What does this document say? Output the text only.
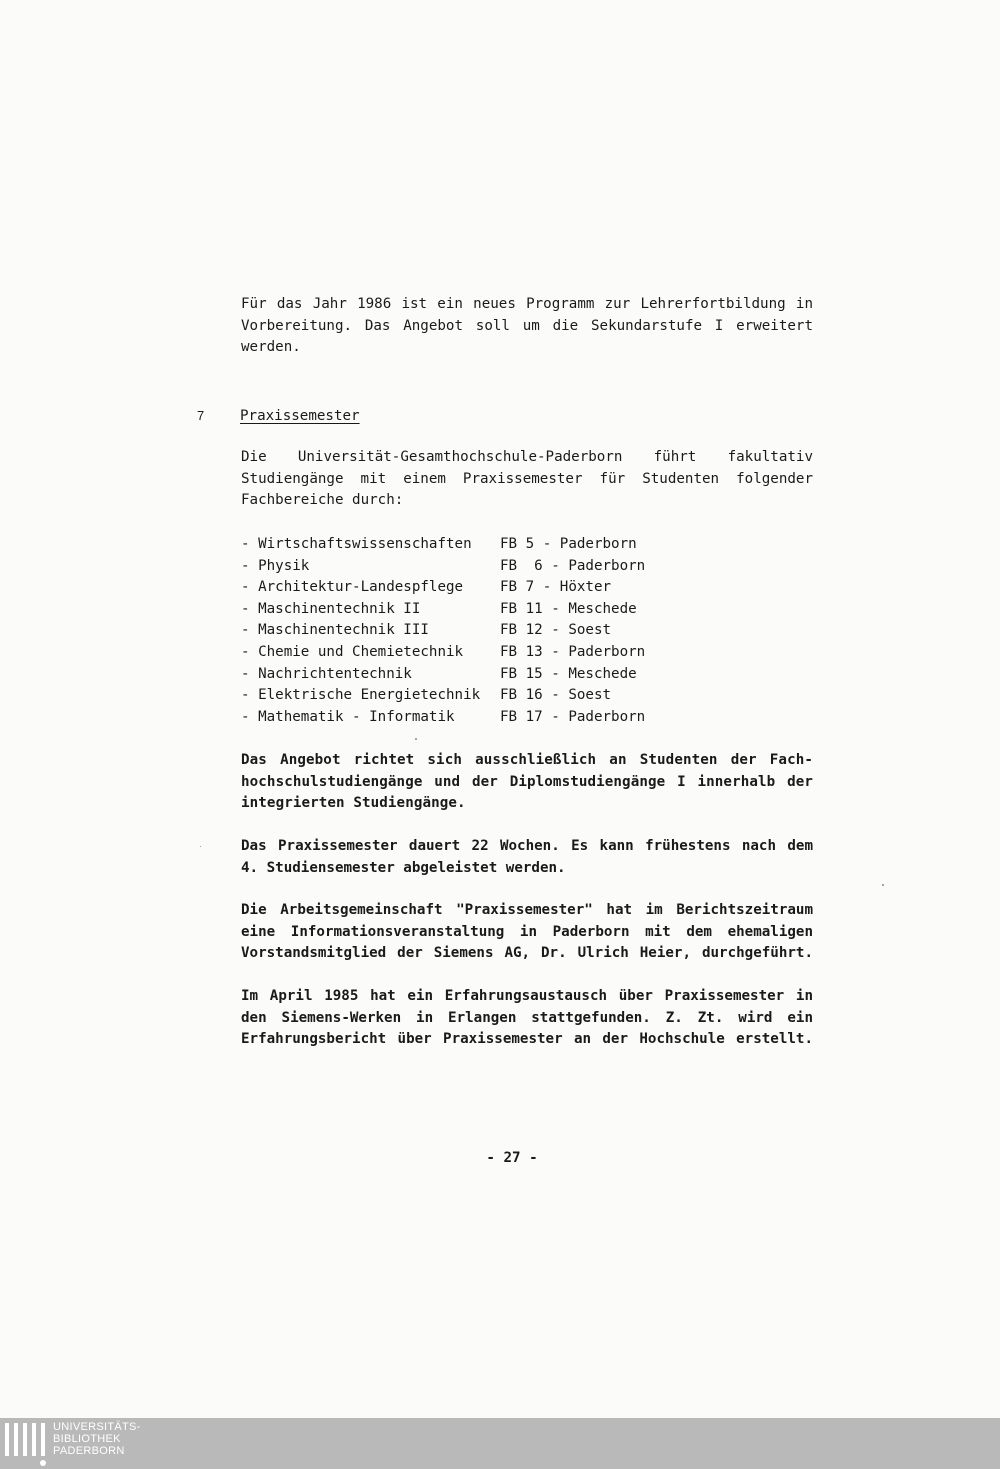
Für das Jahr 1986 ist ein neues Programm zur Lehrerfortbildung in
Vorbereitung. Das Angebot soll um die Sekundarstufe I erweitert
werden.
7	Praxissemester
Die Universität-Gesamthochschule-Paderborn führt fakultativ
Studiengänge mit einem Praxissemester für Studenten folgender
Fachbereiche durch:
- Wirtschaftswissenschaften FB 5 - Paderborn
- Physik	FB  6 - Paderborn
- Architektur-Landespflege	FB 7 - Höxter
- Maschinentechnik II	FB 11 - Meschede
- Maschinentechnik III	FB 12 - Soest
- Chemie und Chemietechnik	FB 13 - Paderborn
- Nachrichtentechnik	FB 15 - Meschede
- Elektrische Energietechnik FB 16 - Soest
- Mathematik - Informatik	FB 17 - Paderborn
Das Angebot richtet sich ausschließlich an Studenten der Fach-
hochschulstudiengänge und der Diplomstudiengänge I innerhalb der
integrierten Studiengänge.
Das Praxissemester dauert 22 Wochen. Es kann frühestens nach dem
4. Studiensemester abgeleistet werden.
Die Arbeitsgemeinschaft "Praxissemester" hat im Berichtszeitraum
eine Informationsveranstaltung in Paderborn mit dem ehemaligen
Vorstandsmitglied der Siemens AG, Dr. Ulrich Heier, durchgeführt.
Im April 1985 hat ein Erfahrungsaustausch über Praxissemester in
den Siemens-Werken in Erlangen stattgefunden. Z. Zt. wird ein
Erfahrungsbericht über Praxissemester an der Hochschule erstellt.
- 27 -
UNIVERSITÄTS-
BIBLIOTHEK
PADERBORN
